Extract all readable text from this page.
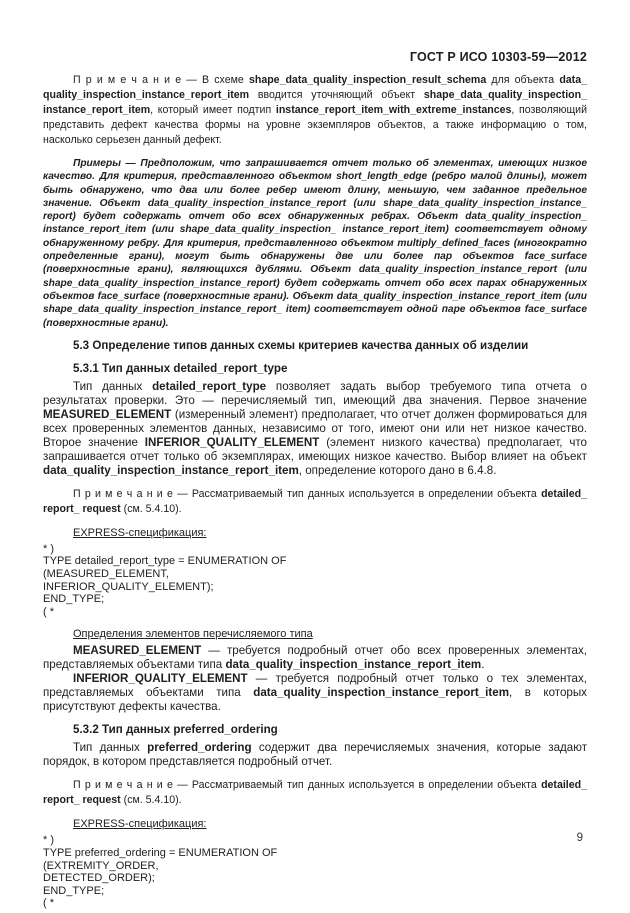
ГОСТ Р ИСО 10303-59—2012

П р и м е ч а н и е — В схеме shape_​data_​quality_​inspection_​result_​schema для объекта data_​quality_​inspection_​instance_​report_​item вводится уточняющий объект shape_​data_​quality_​inspection_​instance_​report_​item, который имеет подтип instance_​report_​item_​with_​extreme_​instances, позволяющий представить дефект качества формы на уровне экземпляров объектов, а также информацию о том, насколько серьезен данный дефект.

Примеры — Предположим, что запрашивается отчет только об элементах, имеющих низкое качество. Для критерия, представленного объектом short_​length_​edge (ребро малой длины), может быть обнаружено, что два или более ребер имеют длину, меньшую, чем заданное предельное значение. Объект data_​quality_​inspection_​instance_​report (или shape_​data_​quality_​inspection_​instance_​report) будет содержать отчет обо всех обнаруженных ребрах. Объект data_​quality_​inspection_​instance_​report_​item (или shape_​data_​quality_​inspection_​ instance_​report_​item) соответствует одному обнаруженному ребру. Для критерия, представленного объектом multiply_​defined_​faces (многократно определенные грани), могут быть обнаружены две или более пар объектов face_​surface (поверхностные грани), являющихся дублями. Объект data_​quality_​inspection_​instance_​report (или shape_​data_​quality_​inspection_​instance_​report) будет содержать отчет обо всех парах обнаруженных объектов face_​surface (поверхностные грани). Объект data_​quality_​inspection_​instance_​report_​item (или shape_​data_​quality_​inspection_​instance_​report_​ item) соответствует одной паре объектов face_​surface (поверхностные грани).

5.3 Определение типов данных схемы критериев качества данных об изделии

5.3.1 Тип данных detailed_​report_​type

Тип данных detailed_​report_​type позволяет задать выбор требуемого типа отчета о результатах проверки. Это — перечисляемый тип, имеющий два значения. Первое значение MEASURED_​ELEMENT (измеренный элемент) предполагает, что отчет должен формироваться для всех проверенных элементов данных, независимо от того, имеют они или нет низкое качество. Второе значение INFERIOR_​QUALITY_​ELEMENT (элемент низкого качества) предполагает, что запрашивается отчет только об экземплярах, имеющих низкое качество. Выбор влияет на объект data_​quality_​inspection_​instance_​report_​item, определение которого дано в 6.4.8.

П р и м е ч а н и е — Рассматриваемый тип данных используется в определении объекта detailed_​ report_​ request (см. 5.4.10).

EXPRESS-спецификация:

* )

TYPE detailed_​report_​type = ENUMERATION OF

(MEASURED_​ELEMENT,

INFERIOR_​QUALITY_​ELEMENT);

END_​TYPE;

( *

Определения элементов перечисляемого типа

MEASURED_​ELEMENT — требуется подробный отчет обо всех проверенных элементах, представляемых объектами типа data_​quality_​inspection_​instance_​report_​item.

INFERIOR_​QUALITY_​ELEMENT — требуется подробный отчет только о тех элементах, представляемых объектами типа data_​quality_​inspection_​instance_​report_​item, в которых присутствуют дефекты качества.

5.3.2 Тип данных preferred_​ordering

Тип данных preferred_​ordering содержит два перечисляемых значения, которые задают порядок, в котором представляется подробный отчет.

П р и м е ч а н и е — Рассматриваемый тип данных используется в определении объекта detailed_​report_​ request (см. 5.4.10).

EXPRESS-спецификация:

* )

TYPE preferred_​ordering = ENUMERATION OF

(EXTREMITY_​ORDER,

DETECTED_​ORDER);

END_​TYPE;

( *

9
